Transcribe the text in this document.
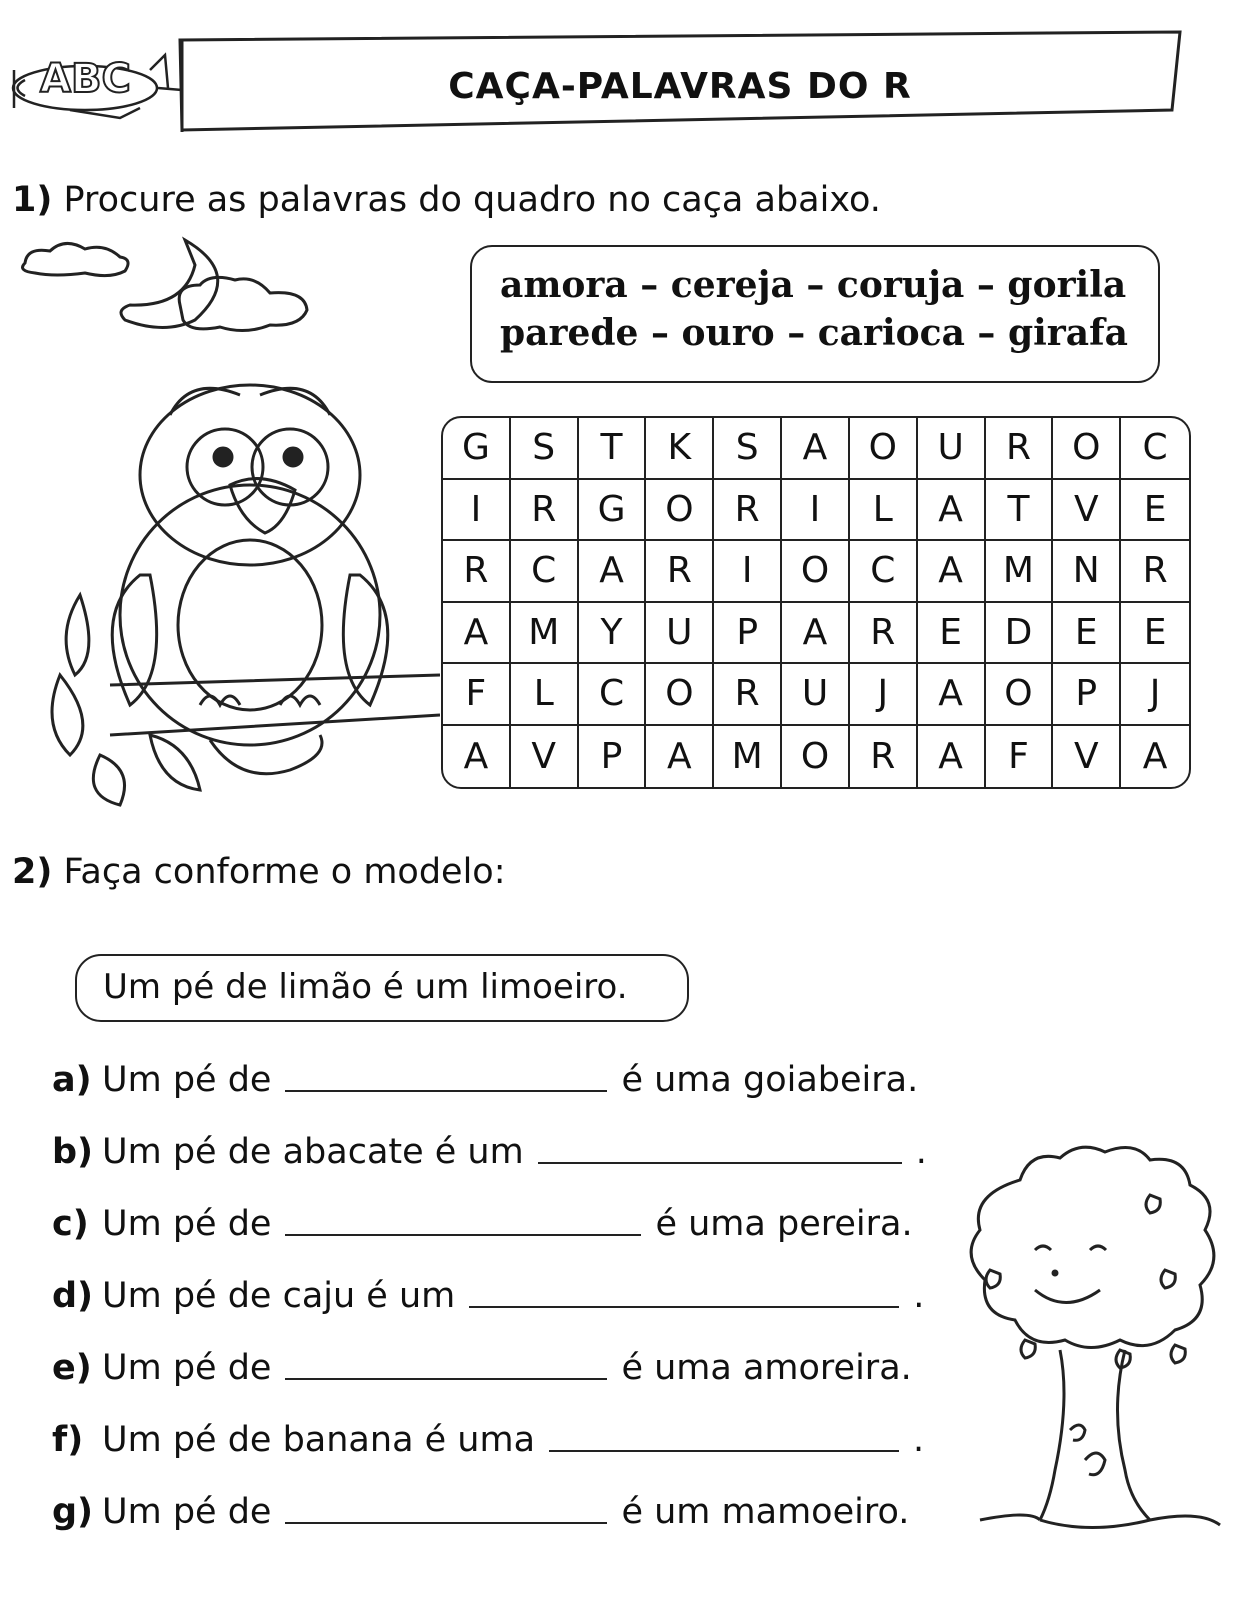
ABC	CAÇA-PALAVRAS DO R
1) Procure as palavras do quadro no caça abaixo.
amora – cereja – coruja – gorila
parede – ouro – carioca – girafa
G	S	T	K	S	A	O	U	R	O	C
I	R	G	O	R	I	L	A	T	V	E
R	C	A	R	I	O	C	A	M	N	R
A	M	Y	U	P	A	R	E	D	E	E
F	L	C	O	R	U	J	A	O	P	J
A	V	P	A	M	O	R	A	F	V	A
2) Faça conforme o modelo:
Um pé de limão é um limoeiro.
a) Um pé de	é uma goiabeira.
b) Um pé de abacate é um	.
c) Um pé de	é uma pereira.
d) Um pé de caju é um	.
e) Um pé de	é uma amoreira.
f) Um pé de banana é uma	.
g) Um pé de	é um mamoeiro.
